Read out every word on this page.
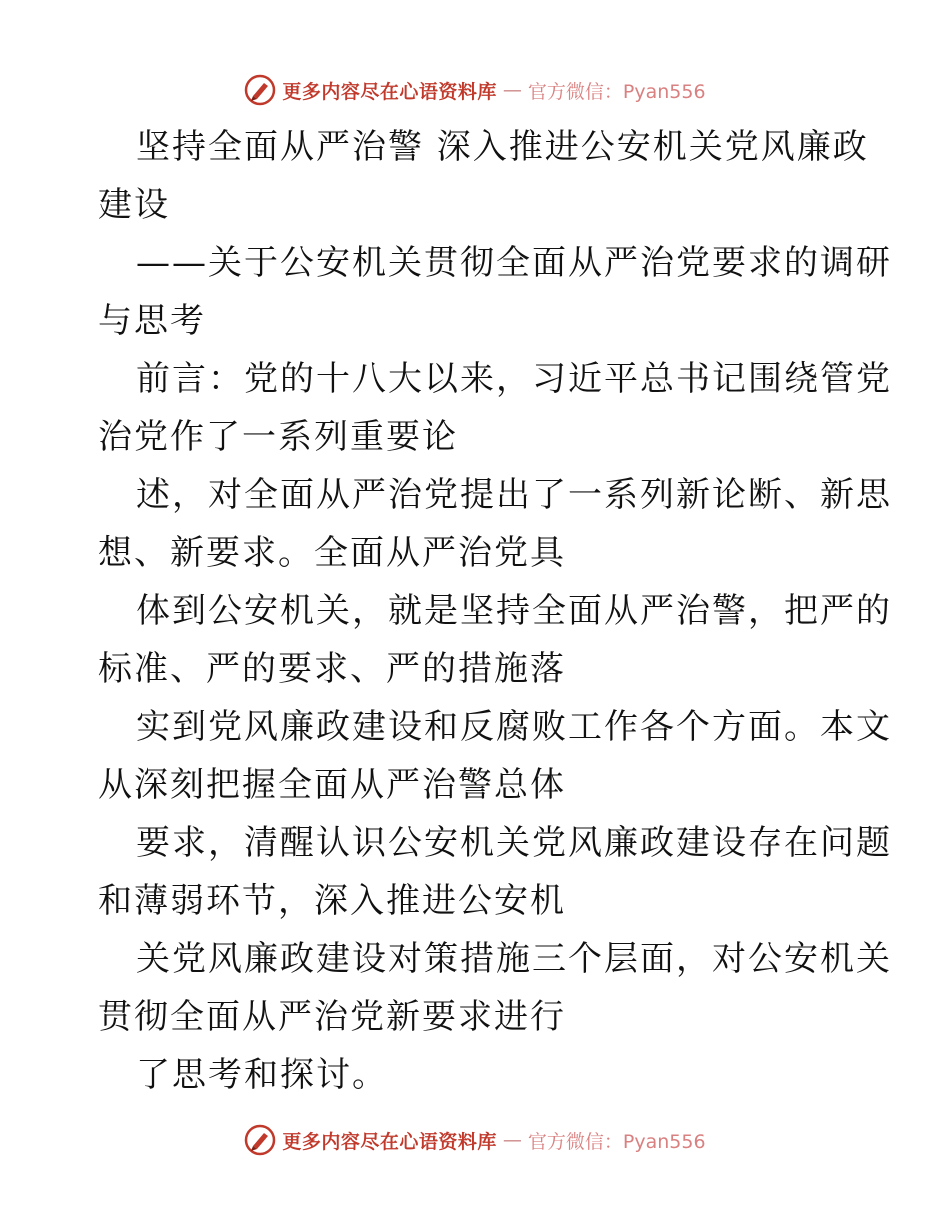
更多内容尽在心语资料库 — 官方微信：Pyan556

坚持全面从严治警 深入推进公安机关党风廉政
建设
——关于公安机关贯彻全面从严治党要求的调研
与思考
前言：党的十八大以来，习近平总书记围绕管党
治党作了一系列重要论
述，对全面从严治党提出了一系列新论断、新思
想、新要求。全面从严治党具
体到公安机关，就是坚持全面从严治警，把严的
标准、严的要求、严的措施落
实到党风廉政建设和反腐败工作各个方面。本文
从深刻把握全面从严治警总体
要求，清醒认识公安机关党风廉政建设存在问题
和薄弱环节，深入推进公安机
关党风廉政建设对策措施三个层面，对公安机关
贯彻全面从严治党新要求进行
了思考和探讨。

更多内容尽在心语资料库 — 官方微信：Pyan556
